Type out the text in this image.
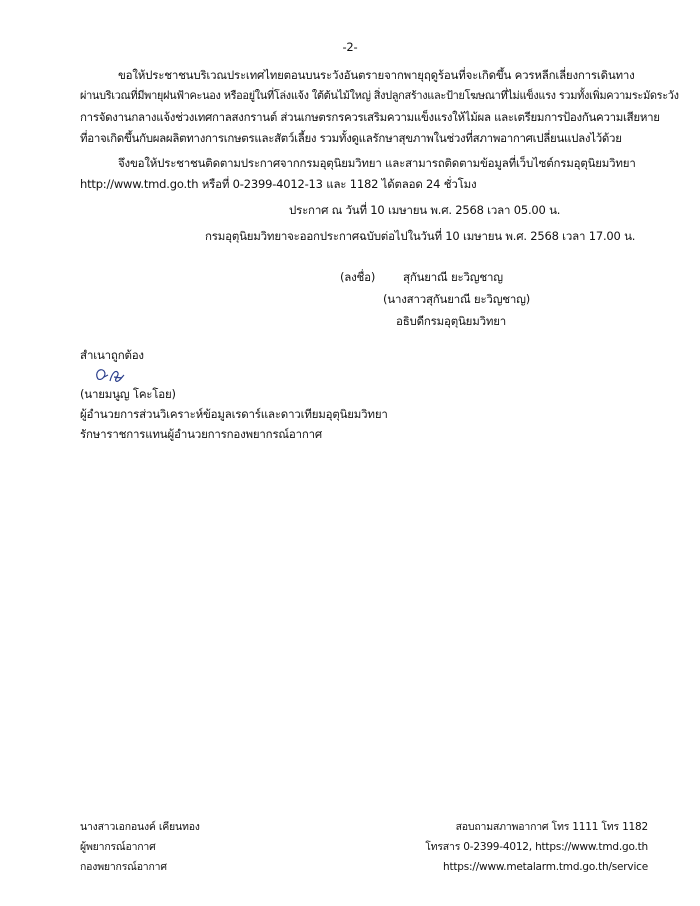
-2-
ขอให้ประชาชนบริเวณประเทศไทยตอนบนระวังอันตรายจากพายุฤดูร้อนที่จะเกิดขึ้น ควรหลีกเลี่ยงการเดินทาง
ผ่านบริเวณที่มีพายุฝนฟ้าคะนอง หรืออยู่ในที่โล่งแจ้ง ใต้ต้นไม้ใหญ่ สิ่งปลูกสร้างและป้ายโฆษณาที่ไม่แข็งแรง รวมทั้งเพิ่มความระมัดระวัง
การจัดงานกลางแจ้งช่วงเทศกาลสงกรานต์ ส่วนเกษตรกรควรเสริมความแข็งแรงให้ไม้ผล และเตรียมการป้องกันความเสียหาย
ที่อาจเกิดขึ้นกับผลผลิตทางการเกษตรและสัตว์เลี้ยง รวมทั้งดูแลรักษาสุขภาพในช่วงที่สภาพอากาศเปลี่ยนแปลงไว้ด้วย
จึงขอให้ประชาชนติดตามประกาศจากกรมอุตุนิยมวิทยา และสามารถติดตามข้อมูลที่เว็บไซต์กรมอุตุนิยมวิทยา
http://www.tmd.go.th หรือที่ 0-2399-4012-13 และ 1182 ได้ตลอด 24 ชั่วโมง
ประกาศ ณ วันที่ 10 เมษายน พ.ศ. 2568 เวลา 05.00 น.
กรมอุตุนิยมวิทยาจะออกประกาศฉบับต่อไปในวันที่ 10 เมษายน พ.ศ. 2568 เวลา 17.00 น.
(ลงชื่อ) สุกันยาณี ยะวิญชาญ
(นางสาวสุกันยาณี ยะวิญชาญ)
อธิบดีกรมอุตุนิยมวิทยา
สำเนาถูกต้อง
(นายมนูญ โคะโอย)
ผู้อำนวยการส่วนวิเคราะห์ข้อมูลเรดาร์และดาวเทียมอุตุนิยมวิทยา
รักษาราชการแทนผู้อำนวยการกองพยากรณ์อากาศ
นางสาวเอกอนงค์ เคียนทอง
ผู้พยากรณ์อากาศ
กองพยากรณ์อากาศ
สอบถามสภาพอากาศ โทร 1111 โทร 1182
โทรสาร 0-2399-4012, https://www.tmd.go.th
https://www.metalarm.tmd.go.th/service
